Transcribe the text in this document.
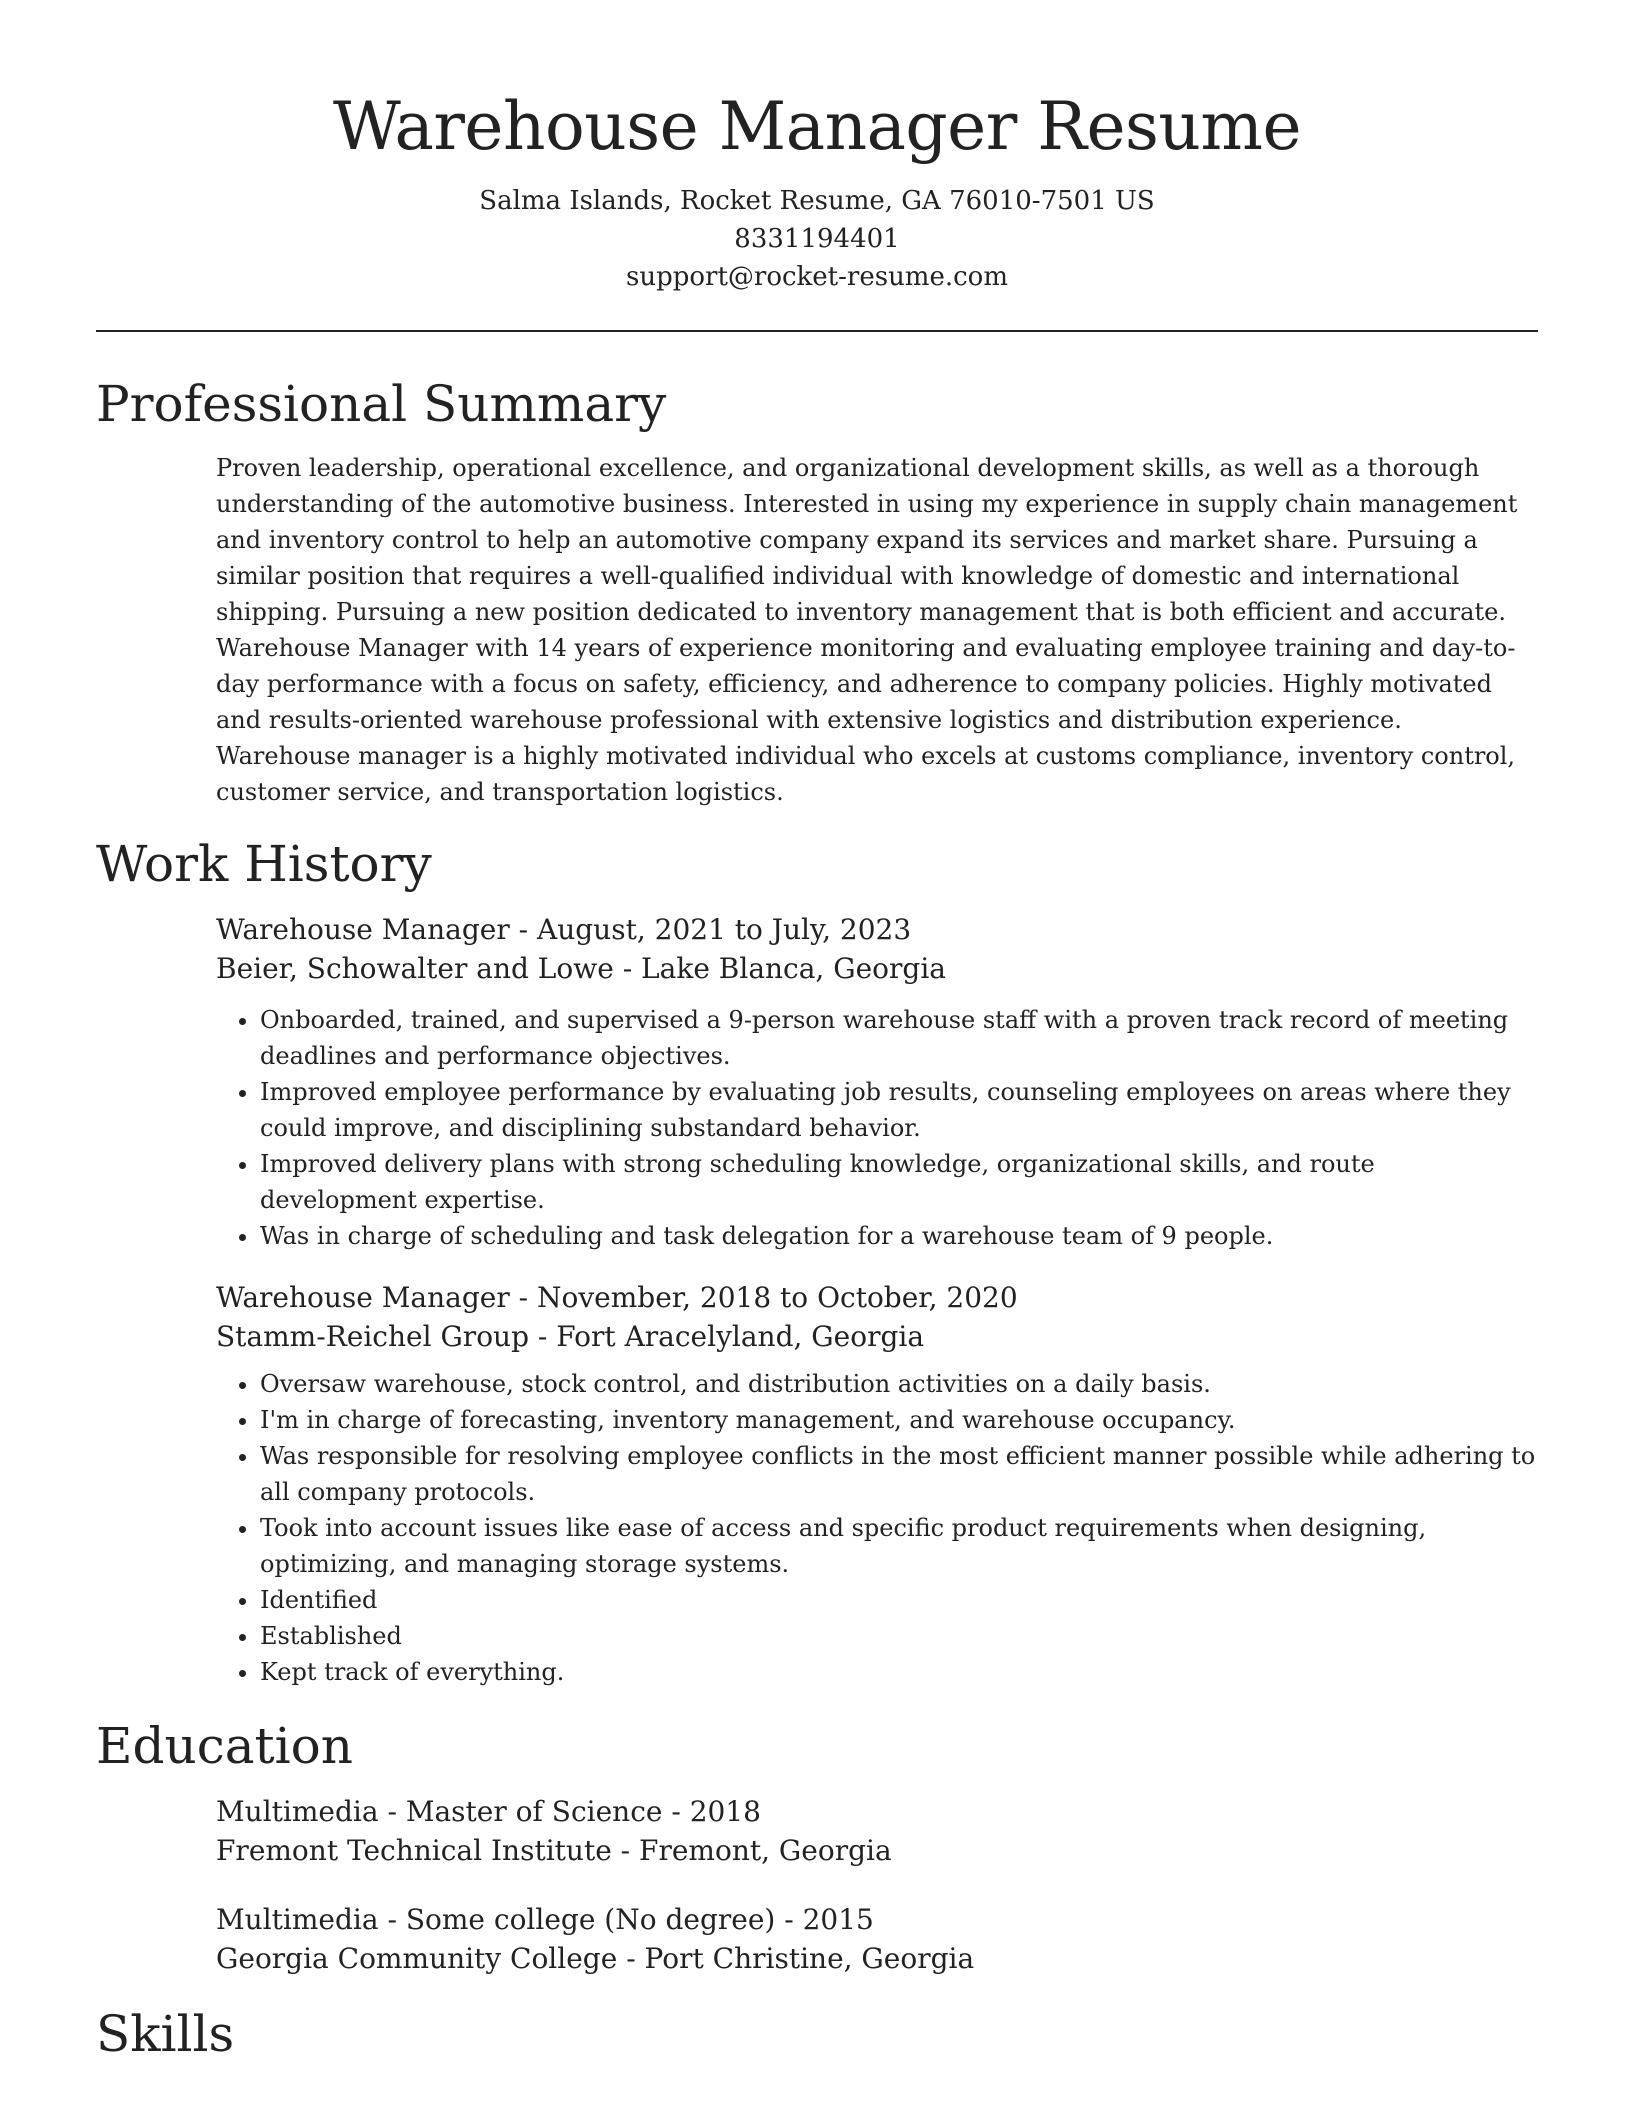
Warehouse Manager Resume

Salma Islands, Rocket Resume, GA 76010-7501 US

8331194401

support@rocket-resume.com

Professional Summary

Proven leadership, operational excellence, and organizational development skills, as well as a thorough understanding of the automotive business. Interested in using my experience in supply chain management and inventory control to help an automotive company expand its services and market share. Pursuing a similar position that requires a well-qualified individual with knowledge of domestic and international shipping. Pursuing a new position dedicated to inventory management that is both efficient and accurate. Warehouse Manager with 14 years of experience monitoring and evaluating employee training and day-to-day performance with a focus on safety, efficiency, and adherence to company policies. Highly motivated and results-oriented warehouse professional with extensive logistics and distribution experience. Warehouse manager is a highly motivated individual who excels at customs compliance, inventory control, customer service, and transportation logistics.

Work History

Warehouse Manager - August, 2021 to July, 2023

Beier, Schowalter and Lowe - Lake Blanca, Georgia

• Onboarded, trained, and supervised a 9-person warehouse staff with a proven track record of meeting deadlines and performance objectives.
• Improved employee performance by evaluating job results, counseling employees on areas where they could improve, and disciplining substandard behavior.
• Improved delivery plans with strong scheduling knowledge, organizational skills, and route development expertise.
• Was in charge of scheduling and task delegation for a warehouse team of 9 people.

Warehouse Manager - November, 2018 to October, 2020

Stamm-Reichel Group - Fort Aracelyland, Georgia

• Oversaw warehouse, stock control, and distribution activities on a daily basis.
• I'm in charge of forecasting, inventory management, and warehouse occupancy.
• Was responsible for resolving employee conflicts in the most efficient manner possible while adhering to all company protocols.
• Took into account issues like ease of access and specific product requirements when designing, optimizing, and managing storage systems.
• Identified
• Established
• Kept track of everything.
Education

Multimedia - Master of Science - 2018

Fremont Technical Institute - Fremont, Georgia

Multimedia - Some college (No degree) - 2015

Georgia Community College - Port Christine, Georgia

Skills
